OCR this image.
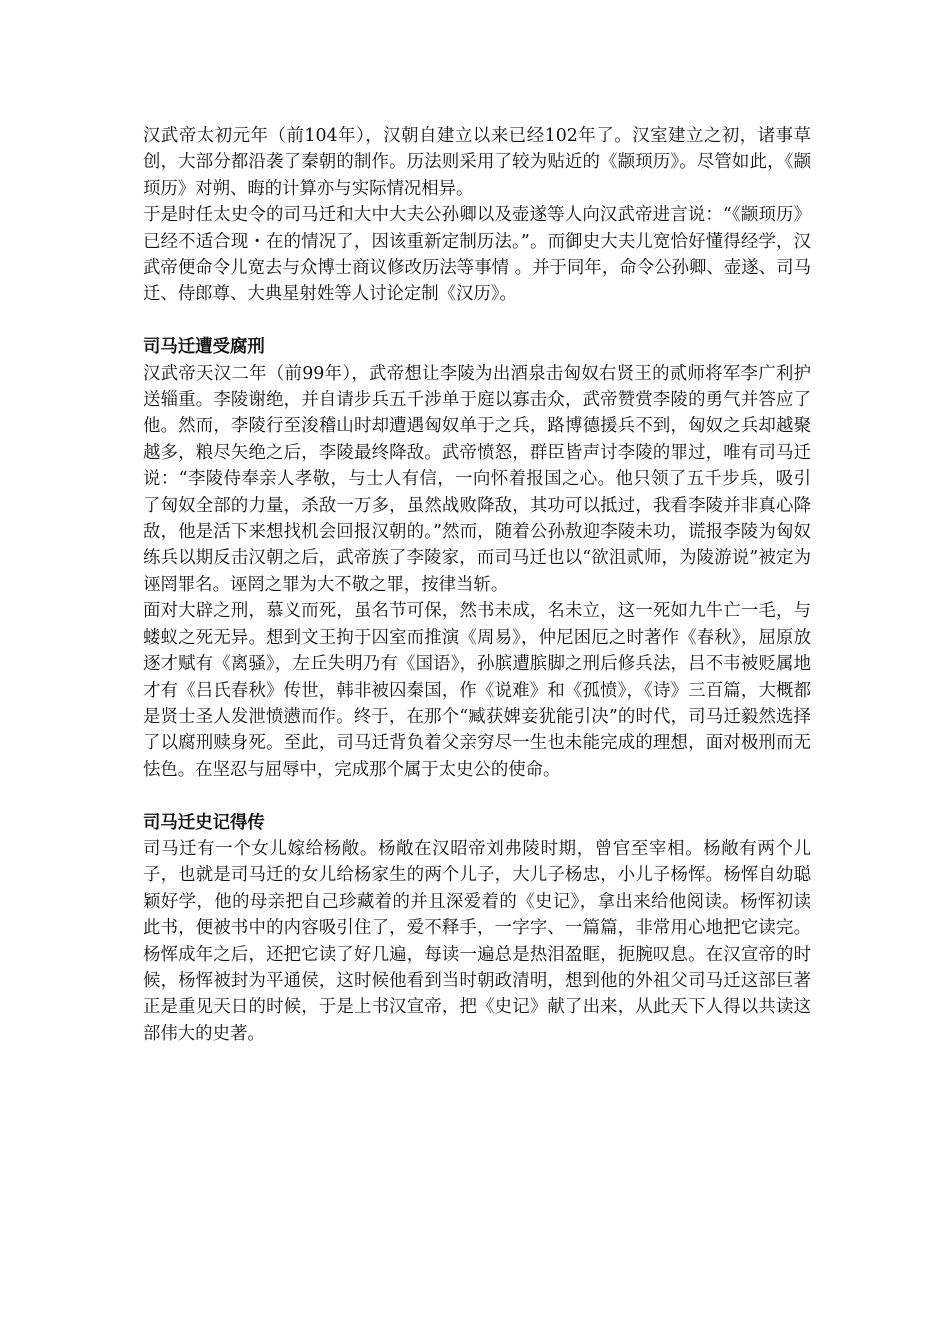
汉武帝太初元年（前104年），汉朝自建立以来已经102年了。汉室建立之初，诸事草创，大部分都沿袭了秦朝的制作。历法则采用了较为贴近的《颛顼历》。尽管如此，《颛顼历》对朔、晦的计算亦与实际情况相异。

于是时任太史令的司马迁和大中大夫公孙卿以及壶遂等人向汉武帝进言说：“《颛顼历》已经不适合现・在的情况了，因该重新定制历法。”。而御史大夫儿宽恰好懂得经学，汉武帝便命令儿宽去与众博士商议修改历法等事情 。并于同年，命令公孙卿、壶遂、司马迁、侍郎尊、大典星射姓等人讨论定制《汉历》。

司马迁遭受腐刑

汉武帝天汉二年（前99年），武帝想让李陵为出酒泉击匈奴右贤王的贰师将军李广利护送辎重。李陵谢绝，并自请步兵五千涉单于庭以寡击众，武帝赞赏李陵的勇气并答应了他。然而，李陵行至浚稽山时却遭遇匈奴单于之兵，路博德援兵不到，匈奴之兵却越聚越多，粮尽矢绝之后，李陵最终降敌。武帝愤怒，群臣皆声讨李陵的罪过，唯有司马迁说：“李陵侍奉亲人孝敬，与士人有信，一向怀着报国之心。他只领了五千步兵，吸引了匈奴全部的力量，杀敌一万多，虽然战败降敌，其功可以抵过，我看李陵并非真心降敌，他是活下来想找机会回报汉朝的。”然而，随着公孙敖迎李陵未功，谎报李陵为匈奴练兵以期反击汉朝之后，武帝族了李陵家，而司马迁也以“欲沮贰师，为陵游说”被定为诬罔罪名。诬罔之罪为大不敬之罪，按律当斩。

面对大辟之刑，慕义而死，虽名节可保，然书未成，名未立，这一死如九牛亡一毛，与蝼蚁之死无异。想到文王拘于囚室而推演《周易》，仲尼困厄之时著作《春秋》，屈原放逐才赋有《离骚》，左丘失明乃有《国语》，孙膑遭膑脚之刑后修兵法，吕不韦被贬属地才有《吕氏春秋》传世，韩非被囚秦国，作《说难》和《孤愤》，《诗》三百篇，大概都是贤士圣人发泄愤懑而作。终于，在那个“臧获婢妾犹能引决”的时代，司马迁毅然选择了以腐刑赎身死。至此，司马迁背负着父亲穷尽一生也未能完成的理想，面对极刑而无怯色。在坚忍与屈辱中，完成那个属于太史公的使命。

司马迁史记得传

司马迁有一个女儿嫁给杨敞。杨敞在汉昭帝刘弗陵时期，曾官至宰相。杨敞有两个儿子，也就是司马迁的女儿给杨家生的两个儿子，大儿子杨忠，小儿子杨恽。杨恽自幼聪颖好学，他的母亲把自己珍藏着的并且深爱着的《史记》，拿出来给他阅读。杨恽初读此书，便被书中的内容吸引住了，爱不释手，一字字、一篇篇，非常用心地把它读完。杨恽成年之后，还把它读了好几遍，每读一遍总是热泪盈眶，扼腕叹息。在汉宣帝的时候，杨恽被封为平通侯，这时候他看到当时朝政清明，想到他的外祖父司马迁这部巨著正是重见天日的时候，于是上书汉宣帝，把《史记》献了出来，从此天下人得以共读这部伟大的史著。
